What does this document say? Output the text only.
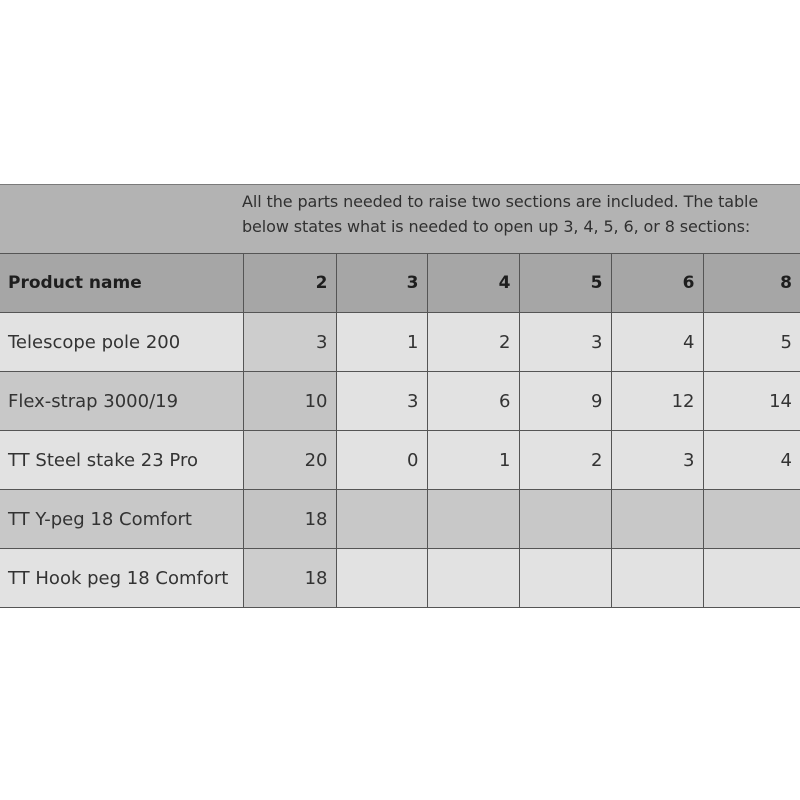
All the parts needed to raise two sections are included. The table below states what is needed to open up 3, 4, 5, 6, or 8 sections:
Product name	2	3	4	5	6	8
Telescope pole 200	3	1	2	3	4	5
Flex-strap 3000/19	10	3	6	9	12	14
TT Steel stake 23 Pro	20	0	1	2	3	4
TT Y-peg 18 Comfort	18					
TT Hook peg 18 Comfort	18					
